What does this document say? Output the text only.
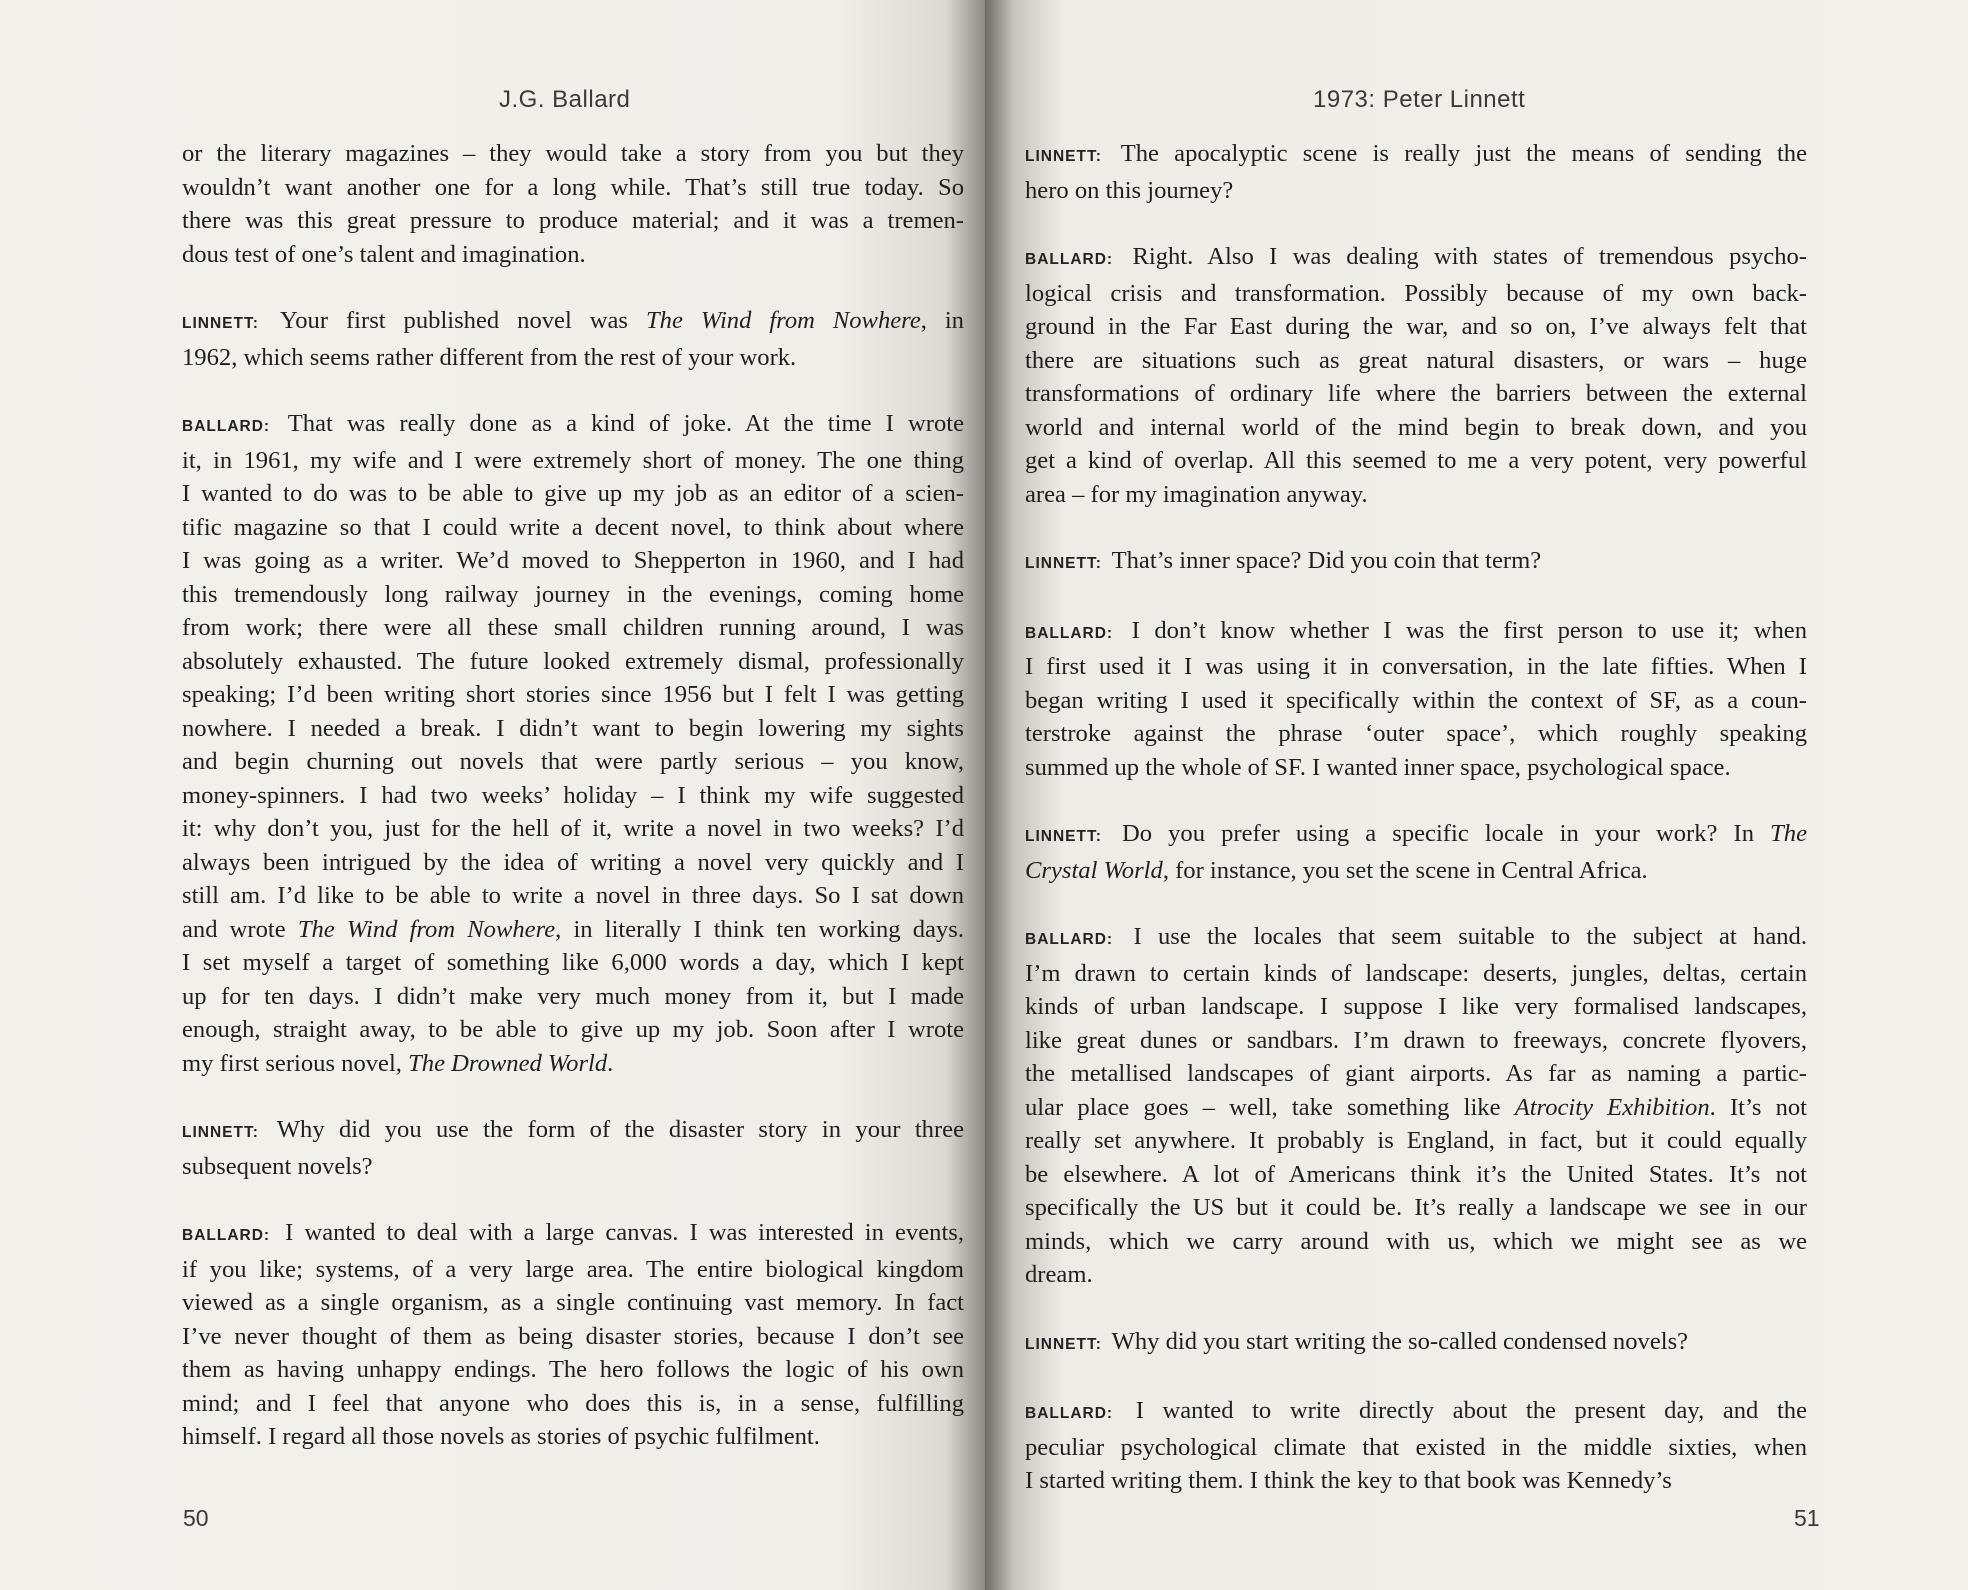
J.G. Ballard
or the literary magazines – they would take a story from you but they
wouldn’t want another one for a long while. That’s still true today. So
there was this great pressure to produce material; and it was a tremen-
dous test of one’s talent and imagination.
LINNETT: Your first published novel was The Wind from Nowhere, in
1962, which seems rather different from the rest of your work.
BALLARD: That was really done as a kind of joke. At the time I wrote
it, in 1961, my wife and I were extremely short of money. The one thing
I wanted to do was to be able to give up my job as an editor of a scien-
tific magazine so that I could write a decent novel, to think about where
I was going as a writer. We’d moved to Shepperton in 1960, and I had
this tremendously long railway journey in the evenings, coming home
from work; there were all these small children running around, I was
absolutely exhausted. The future looked extremely dismal, professionally
speaking; I’d been writing short stories since 1956 but I felt I was getting
nowhere. I needed a break. I didn’t want to begin lowering my sights
and begin churning out novels that were partly serious – you know,
money-spinners. I had two weeks’ holiday – I think my wife suggested
it: why don’t you, just for the hell of it, write a novel in two weeks? I’d
always been intrigued by the idea of writing a novel very quickly and I
still am. I’d like to be able to write a novel in three days. So I sat down
and wrote The Wind from Nowhere, in literally I think ten working days.
I set myself a target of something like 6,000 words a day, which I kept
up for ten days. I didn’t make very much money from it, but I made
enough, straight away, to be able to give up my job. Soon after I wrote
my first serious novel, The Drowned World.
LINNETT: Why did you use the form of the disaster story in your three
subsequent novels?
BALLARD: I wanted to deal with a large canvas. I was interested in events,
if you like; systems, of a very large area. The entire biological kingdom
viewed as a single organism, as a single continuing vast memory. In fact
I’ve never thought of them as being disaster stories, because I don’t see
them as having unhappy endings. The hero follows the logic of his own
mind; and I feel that anyone who does this is, in a sense, fulfilling
himself. I regard all those novels as stories of psychic fulfilment.
50
1973: Peter Linnett
LINNETT: The apocalyptic scene is really just the means of sending the
hero on this journey?
BALLARD: Right. Also I was dealing with states of tremendous psycho-
logical crisis and transformation. Possibly because of my own back-
ground in the Far East during the war, and so on, I’ve always felt that
there are situations such as great natural disasters, or wars – huge
transformations of ordinary life where the barriers between the external
world and internal world of the mind begin to break down, and you
get a kind of overlap. All this seemed to me a very potent, very powerful
area – for my imagination anyway.
LINNETT: That’s inner space? Did you coin that term?
BALLARD: I don’t know whether I was the first person to use it; when
I first used it I was using it in conversation, in the late fifties. When I
began writing I used it specifically within the context of SF, as a coun-
terstroke against the phrase ‘outer space’, which roughly speaking
summed up the whole of SF. I wanted inner space, psychological space.
LINNETT: Do you prefer using a specific locale in your work? In The
Crystal World, for instance, you set the scene in Central Africa.
BALLARD: I use the locales that seem suitable to the subject at hand.
I’m drawn to certain kinds of landscape: deserts, jungles, deltas, certain
kinds of urban landscape. I suppose I like very formalised landscapes,
like great dunes or sandbars. I’m drawn to freeways, concrete flyovers,
the metallised landscapes of giant airports. As far as naming a partic-
ular place goes – well, take something like Atrocity Exhibition. It’s not
really set anywhere. It probably is England, in fact, but it could equally
be elsewhere. A lot of Americans think it’s the United States. It’s not
specifically the US but it could be. It’s really a landscape we see in our
minds, which we carry around with us, which we might see as we
dream.
LINNETT: Why did you start writing the so-called condensed novels?
BALLARD: I wanted to write directly about the present day, and the
peculiar psychological climate that existed in the middle sixties, when
I started writing them. I think the key to that book was Kennedy’s
51
